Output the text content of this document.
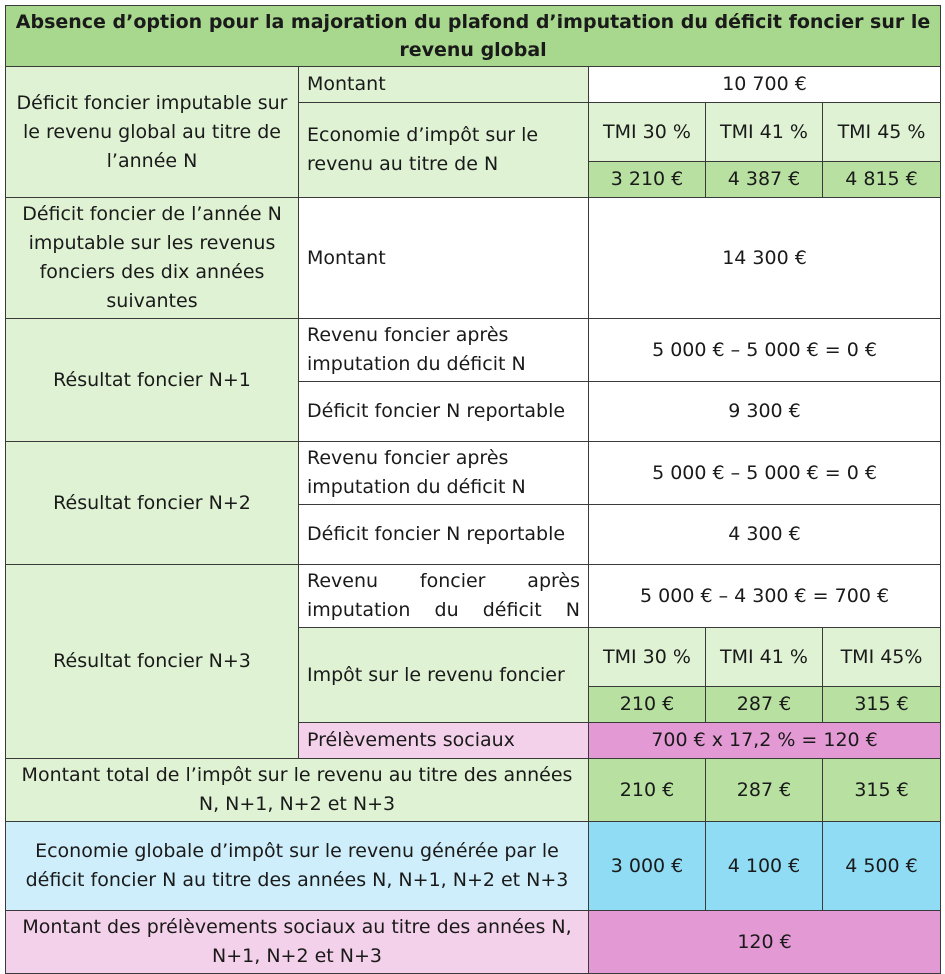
Absence d’option pour la majoration du plafond d’imputation du déficit foncier sur le revenu global				
Déficit foncier imputable sur le revenu global au titre de l’année N	Montant	10 700 €		
	Economie d’impôt sur le revenu au titre de N	TMI 30 %	TMI 41 %	TMI 45 %
		3 210 €	4 387 €	4 815 €
Déficit foncier de l’année N imputable sur les revenus fonciers des dix années suivantes	Montant	14 300 €		
Résultat foncier N+1	Revenu foncier après imputation du déficit N	5 000 € – 5 000 € = 0 €		
	Déficit foncier N reportable	9 300 €		
Résultat foncier N+2	Revenu foncier après imputation du déficit N	5 000 € – 5 000 € = 0 €		
	Déficit foncier N reportable	4 300 €		
Résultat foncier N+3	Revenu foncier après imputation du déficit N	5 000 € – 4 300 € = 700 €		
	Impôt sur le revenu foncier	TMI 30 %	TMI 41 %	TMI 45%
		210 €	287 €	315 €
	Prélèvements sociaux	700 € x 17,2 % = 120 €		
Montant total de l’impôt sur le revenu au titre des années N, N+1, N+2 et N+3		210 €	287 €	315 €
Economie globale d’impôt sur le revenu générée par le déficit foncier N au titre des années N, N+1, N+2 et N+3		3 000 €	4 100 €	4 500 €
Montant des prélèvements sociaux au titre des années N, N+1, N+2 et N+3		120 €		
